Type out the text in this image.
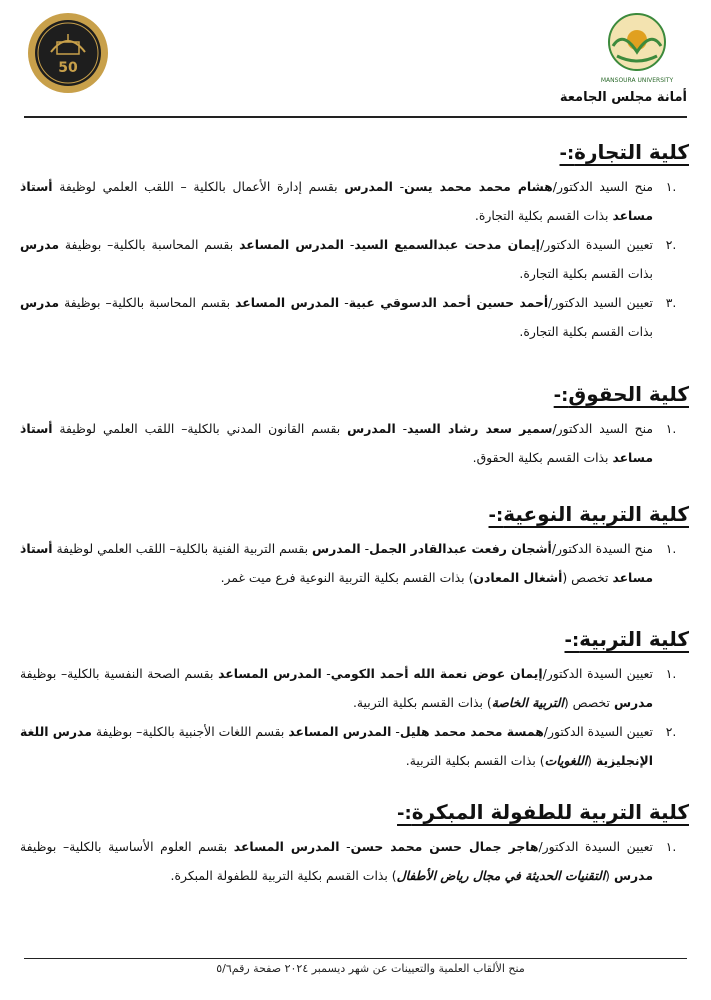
50
MANSOURA UNIVERSITY
أمانة مجلس الجامعة
كلية التجارة:-
.١
منح السيد الدكتور/هشام محمد محمد يسن- المدرس بقسم إدارة الأعمال بالكلية – اللقب العلمي لوظيفة أستاذ مساعد بذات القسم بكلية التجارة.
.٢
تعيين السيدة الدكتور/إيمان مدحت عبدالسميع السيد- المدرس المساعد بقسم المحاسبة بالكلية– بوظيفة مدرس بذات القسم بكلية التجارة.
.٣
تعيين السيد الدكتور/أحمد حسين أحمد الدسوقي عبية- المدرس المساعد بقسم المحاسبة بالكلية– بوظيفة مدرس بذات القسم بكلية التجارة.
كلية الحقوق:-
.١
منح السيد الدكتور/سمير سعد رشاد السيد- المدرس بقسم القانون المدني بالكلية– اللقب العلمي لوظيفة أستاذ مساعد بذات القسم بكلية الحقوق.
كلية التربية النوعية:-
.١
منح السيدة الدكتور/أشجان رفعت عبدالقادر الجمل- المدرس بقسم التربية الفنية بالكلية– اللقب العلمي لوظيفة أستاذ مساعد تخصص (أشغال المعادن) بذات القسم بكلية التربية النوعية فرع ميت غمر.
كلية التربية:-
.١
تعيين السيدة الدكتور/إيمان عوض نعمة الله أحمد الكومي- المدرس المساعد بقسم الصحة النفسية بالكلية– بوظيفة مدرس تخصص (التربية الخاصة) بذات القسم بكلية التربية.
.٢
تعيين السيدة الدكتور/همسة محمد محمد هليل- المدرس المساعد بقسم اللغات الأجنبية بالكلية– بوظيفة مدرس اللغة الإنجليزية (اللغويات) بذات القسم بكلية التربية.
كلية التربية للطفولة المبكرة:-
.١
تعيين السيدة الدكتور/هاجر جمال حسن محمد حسن- المدرس المساعد بقسم العلوم الأساسية بالكلية– بوظيفة مدرس (التقنيات الحديثة في مجال رياض الأطفال) بذات القسم بكلية التربية للطفولة المبكرة.
منح الألقاب العلمية والتعيينات عن شهر ديسمبر ٢٠٢٤ صفحة رقم٥/٦
